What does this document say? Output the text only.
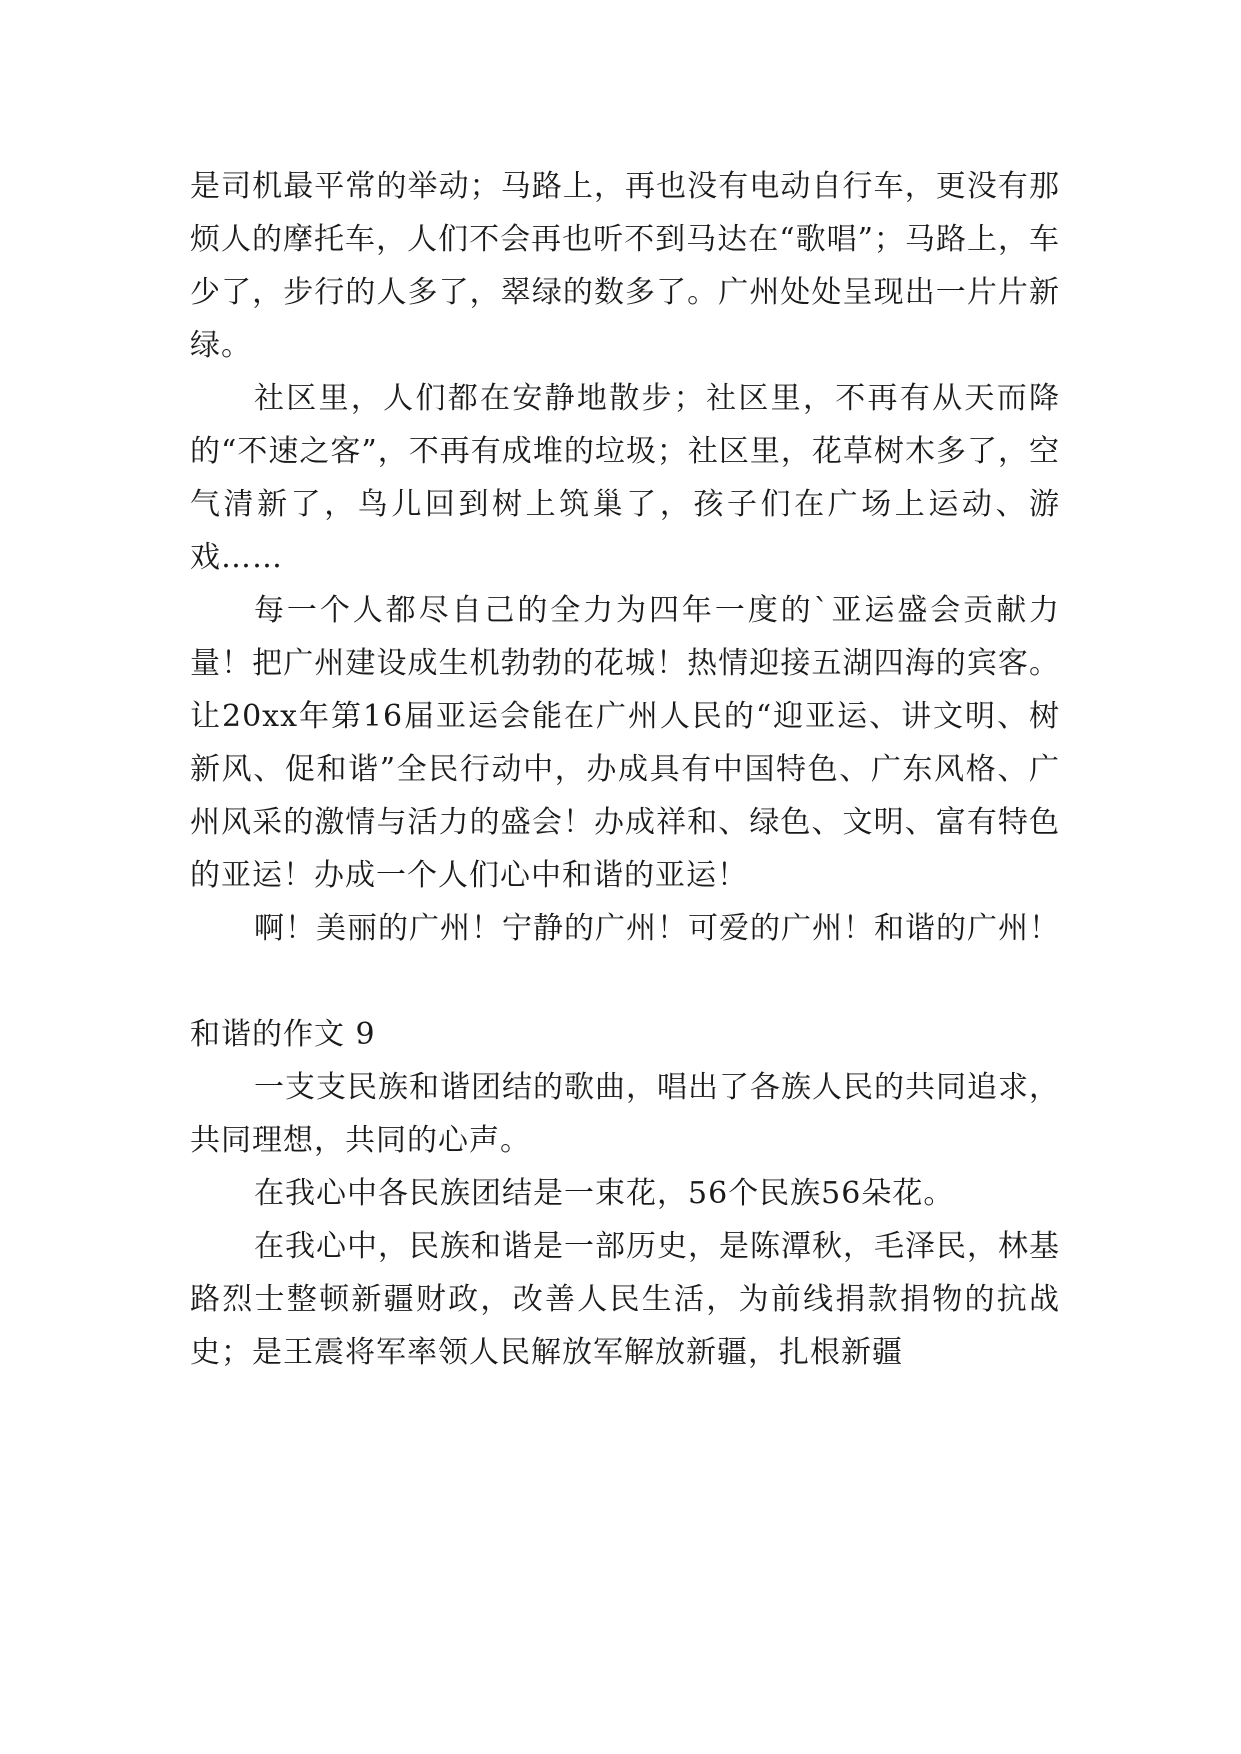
是司机最平常的举动；马路上，再也没有电动自行车，更没有那烦人的摩托车，人们不会再也听不到马达在“歌唱”；马路上，车少了，步行的人多了，翠绿的数多了。广州处处呈现出一片片新绿。

社区里，人们都在安静地散步；社区里，不再有从天而降的“不速之客”，不再有成堆的垃圾；社区里，花草树木多了，空气清新了，鸟儿回到树上筑巢了，孩子们在广场上运动、游戏……

每一个人都尽自己的全力为四年一度的`亚运盛会贡献力量！把广州建设成生机勃勃的花城！热情迎接五湖四海的宾客。让20xx年第16届亚运会能在广州人民的“迎亚运、讲文明、树新风、促和谐”全民行动中，办成具有中国特色、广东风格、广州风采的激情与活力的盛会！办成祥和、绿色、文明、富有特色的亚运！办成一个人们心中和谐的亚运！

啊！美丽的广州！宁静的广州！可爱的广州！和谐的广州！

和谐的作文 9

一支支民族和谐团结的歌曲，唱出了各族人民的共同追求，共同理想，共同的心声。

在我心中各民族团结是一束花，56个民族56朵花。

在我心中，民族和谐是一部历史，是陈潭秋，毛泽民，林基路烈士整顿新疆财政，改善人民生活，为前线捐款捐物的抗战史；是王震将军率领人民解放军解放新疆，扎根新疆
